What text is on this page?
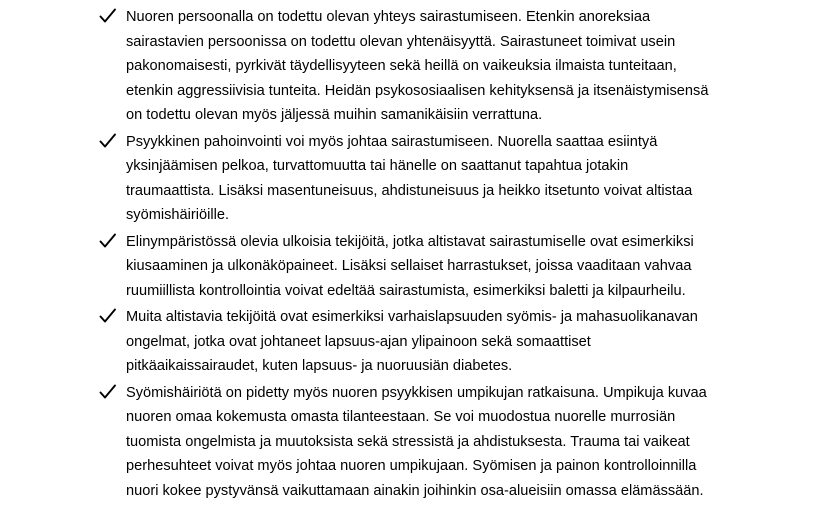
Nuoren persoonalla on todettu olevan yhteys sairastumiseen. Etenkin anoreksiaa
sairastavien persoonissa on todettu olevan yhtenäisyyttä. Sairastuneet toimivat usein
pakonomaisesti, pyrkivät täydellisyyteen sekä heillä on vaikeuksia ilmaista tunteitaan,
etenkin aggressiivisia tunteita. Heidän psykososiaalisen kehityksensä ja itsenäistymisensä
on todettu olevan myös jäljessä muihin samanikäisiin verrattuna.
Psyykkinen pahoinvointi voi myös johtaa sairastumiseen. Nuorella saattaa esiintyä
yksinjäämisen pelkoa, turvattomuutta tai hänelle on saattanut tapahtua jotakin
traumaattista. Lisäksi masentuneisuus, ahdistuneisuus ja heikko itsetunto voivat altistaa
syömishäiriöille.
Elinympäristössä olevia ulkoisia tekijöitä, jotka altistavat sairastumiselle ovat esimerkiksi
kiusaaminen ja ulkonäköpaineet. Lisäksi sellaiset harrastukset, joissa vaaditaan vahvaa
ruumiillista kontrollointia voivat edeltää sairastumista, esimerkiksi baletti ja kilpaurheilu.
Muita altistavia tekijöitä ovat esimerkiksi varhaislapsuuden syömis- ja mahasuolikanavan
ongelmat, jotka ovat johtaneet lapsuus-ajan ylipainoon sekä somaattiset
pitkäaikaissairaudet, kuten lapsuus- ja nuoruusiän diabetes.
Syömishäiriötä on pidetty myös nuoren psyykkisen umpikujan ratkaisuna. Umpikuja kuvaa
nuoren omaa kokemusta omasta tilanteestaan. Se voi muodostua nuorelle murrosiän
tuomista ongelmista ja muutoksista sekä stressistä ja ahdistuksesta. Trauma tai vaikeat
perhesuhteet voivat myös johtaa nuoren umpikujaan. Syömisen ja painon kontrolloinnilla
nuori kokee pystyvänsä vaikuttamaan ainakin joihinkin osa-alueisiin omassa elämässään.
